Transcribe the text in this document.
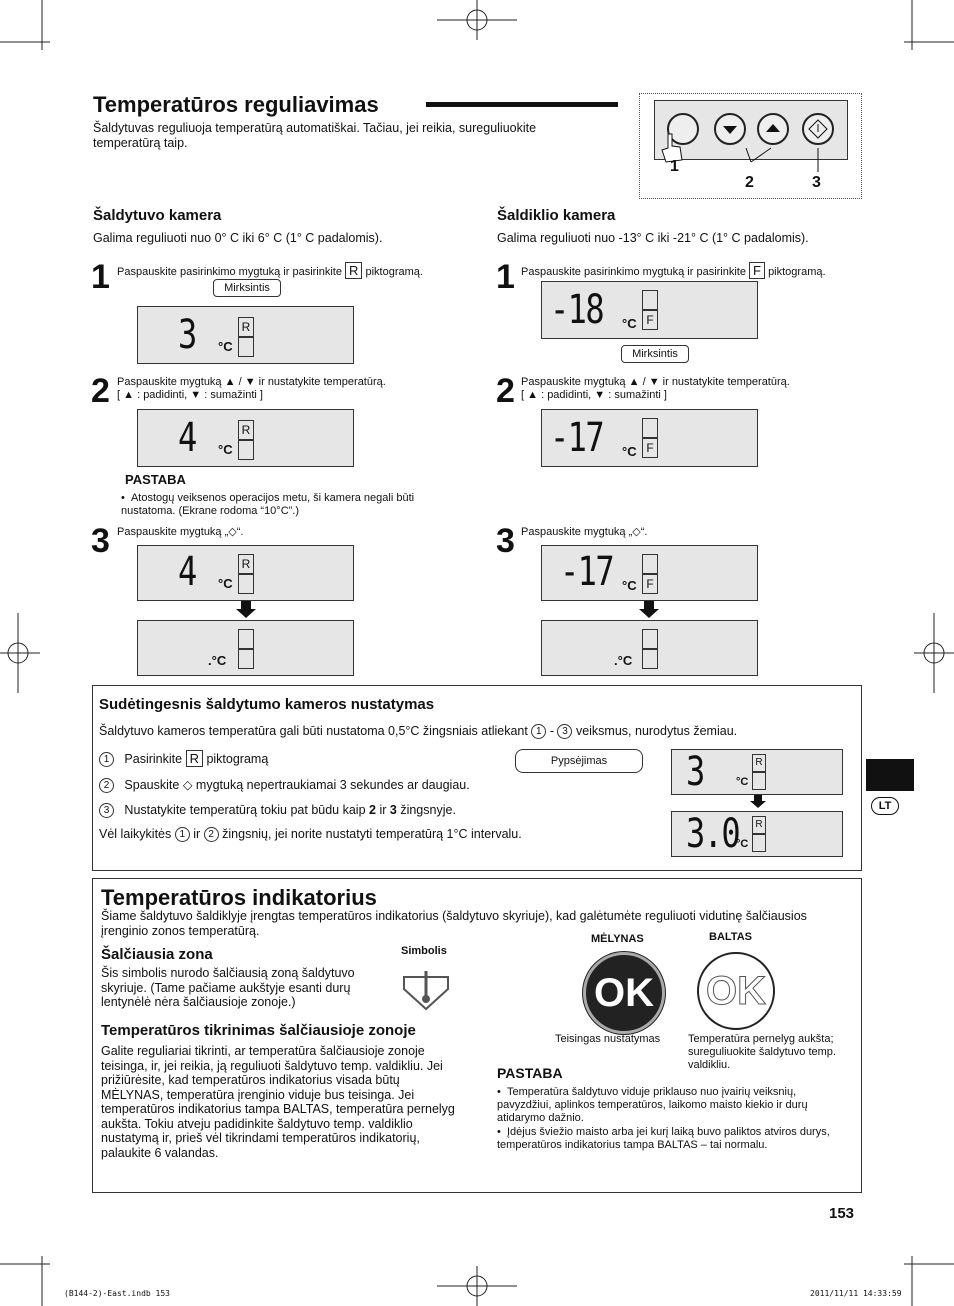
Temperatūros reguliavimas
Šaldytuvas reguliuoja temperatūrą automatiškai. Tačiau, jei reikia, sureguliuokite temperatūrą taip.
1
2	3
Šaldytuvo kamera
Galima reguliuoti nuo 0° C iki 6° C (1° C padalomis).
1 Paspauskite pasirinkimo mygtuką ir pasirinkite R piktogramą.
Mirksintis
3 °C
R
2 Paspauskite mygtuką ▲ / ▼ ir nustatykite temperatūrą.
[ ▲ : padidinti, ▼ : sumažinti ]
4 °C
R
PASTABA
•  Atostogų veiksenos operacijos metu, ši kamera negali būti nustatoma. (Ekrane rodoma “10°C”.)
3 Paspauskite mygtuką „◇“.
4 °C
R
.°C
Šaldiklio kamera
Galima reguliuoti nuo -13° C iki -21° C (1° C padalomis).
1 Paspauskite pasirinkimo mygtuką ir pasirinkite F piktogramą.
-18 °C F
Mirksintis
2 Paspauskite mygtuką ▲ / ▼ ir nustatykite temperatūrą.
[ ▲ : padidinti, ▼ : sumažinti ]
-17 °C F
3 Paspauskite mygtuką „◇“.
-17 °C F
.°C
Sudėtingesnis šaldytumo kameros nustatymas
Šaldytuvo kameros temperatūra gali būti nustatoma 0,5°C žingsniais atliekant 1 - 3 veiksmus, nurodytus žemiau.
1 Pasirinkite R piktogramą
2 Spauskite ◇ mygtuką nepertraukiamai 3 sekundes ar daugiau.
3 Nustatykite temperatūrą tokiu pat būdu kaip 2 ir 3 žingsnyje.
Vėl laikykitės 1 ir 2 žingsnių, jei norite nustatyti temperatūrą 1°C intervalu.
Pypsėjimas	3	°C
R
3.0
°C
R
LT
Temperatūros indikatorius
Šiame šaldytuvo šaldiklyje įrengtas temperatūros indikatorius (šaldytuvo skyriuje), kad galėtumėte reguliuoti vidutinę šalčiausios įrenginio zonos temperatūrą.
Šalčiausia zona	Simbolis
Šis simbolis nurodo šalčiausią zoną šaldytuvo skyriuje. (Tame pačiame aukštyje esanti durų lentynėlė nėra šalčiausioje zonoje.)
Temperatūros tikrinimas šalčiausioje zonoje
Galite reguliariai tikrinti, ar temperatūra šalčiausioje zonoje teisinga, ir, jei reikia, ją reguliuoti šaldytuvo temp. valdikliu. Jei prižiūrėsite, kad temperatūros indikatorius visada būtų MĖLYNAS, temperatūra įrenginio viduje bus teisinga. Jei temperatūros indikatorius tampa BALTAS, temperatūra pernelyg aukšta. Tokiu atveju padidinkite šaldytuvo temp. valdiklio nustatymą ir, prieš vėl tikrindami temperatūros indikatorių, palaukite 6 valandas.
MĖLYNAS	BALTAS
OK OK
Teisingas nustatymas	Temperatūra pernelyg aukšta; sureguliuokite šaldytuvo temp. valdikliu.
PASTABA
•  Temperatūra šaldytuvo viduje priklauso nuo įvairių veiksnių, pavyzdžiui, aplinkos temperatūros, laikomo maisto kiekio ir durų atidarymo dažnio.
•  Įdėjus šviežio maisto arba jei kurį laiką buvo paliktos atviros durys, temperatūros indikatorius tampa BALTAS – tai normalu.
153
(B144-2)-East.indb 153	2011/11/11 14:33:59
